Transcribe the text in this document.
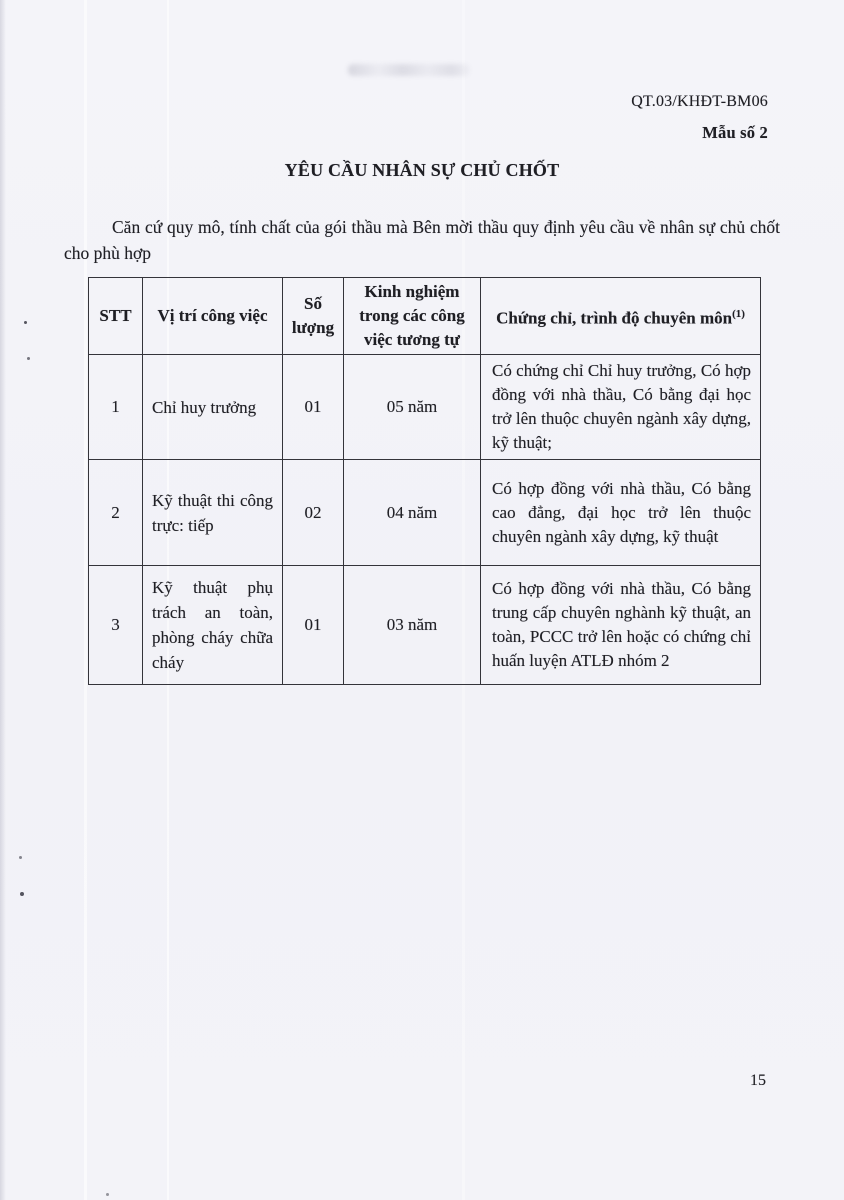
QT.03/KHĐT-BM06
Mẫu số 2
YÊU CẦU NHÂN SỰ CHỦ CHỐT

Căn cứ quy mô, tính chất của gói thầu mà Bên mời thầu quy định yêu cầu về nhân sự chủ chốt cho phù hợp

STT	Vị trí công việc	Số lượng	Kinh nghiệm trong các công việc tương tự	Chứng chỉ, trình độ chuyên môn$^{(1)}$
1	Chỉ huy trưởng	01	05 năm	Có chứng chỉ Chỉ huy trưởng, Có hợp đồng với nhà thầu, Có bằng đại học trở lên thuộc chuyên ngành xây dựng, kỹ thuật;
2	Kỹ thuật thi công trực: tiếp	02	04 năm	Có hợp đồng với nhà thầu, Có bằng cao đẳng, đại học trở lên thuộc chuyên ngành xây dựng, kỹ thuật
3	Kỹ thuật phụ trách an toàn, phòng cháy chữa cháy	01	03 năm	Có hợp đồng với nhà thầu, Có bằng trung cấp chuyên nghành kỹ thuật, an toàn, PCCC trở lên hoặc có chứng chỉ huấn luyện ATLĐ nhóm 2
15
